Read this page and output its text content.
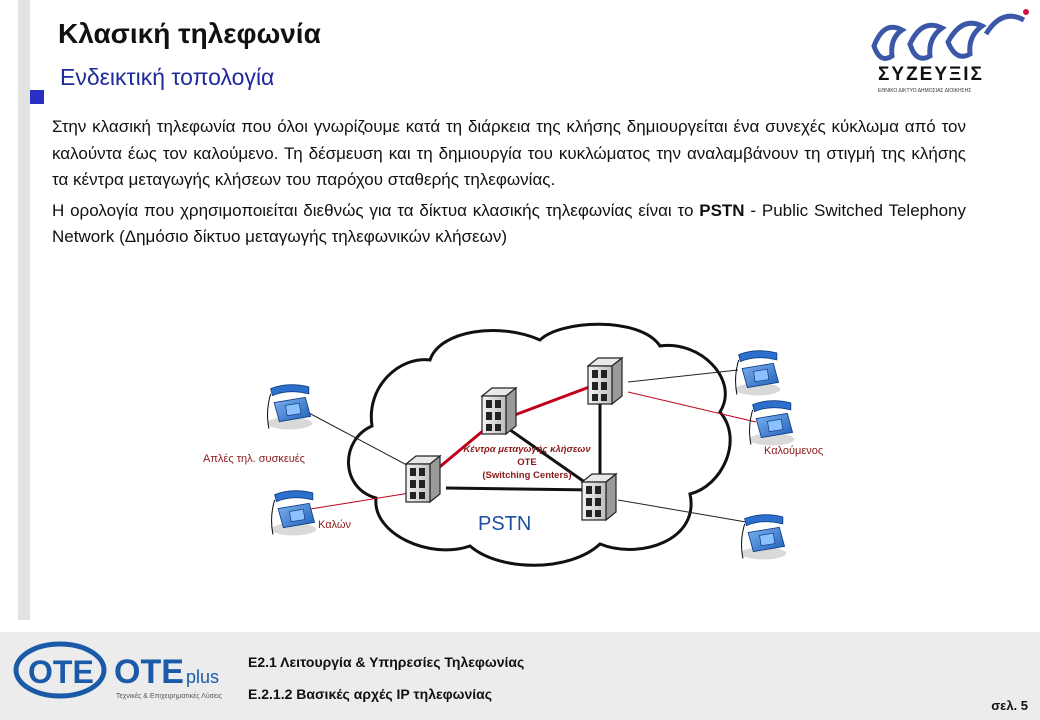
Κλασική τηλεφωνία
Ενδεικτική τοπολογία	ΣΥΖΕΥΞΙΣ
ΕΘΝΙΚΟ ΔΙΚΤΥΟ ΔΗΜΟΣΙΑΣ ΔΙΟΙΚΗΣΗΣ

Στην κλασική τηλεφωνία που όλοι γνωρίζουμε κατά τη διάρκεια της κλήσης δημιουργείται ένα συνεχές κύκλωμα από τον καλούντα έως τον καλούμενο. Τη δέσμευση και τη δημιουργία του κυκλώματος την αναλαμβάνουν τη στιγμή της κλήσης τα κέντρα μεταγωγής κλήσεων του παρόχου σταθερής τηλεφωνίας.

Η ορολογία που χρησιμοποιείται διεθνώς για τα δίκτυα κλασικής τηλεφωνίας είναι το PSTN - Public Switched Telephony Network (Δημόσιο δίκτυο μεταγωγής τηλεφωνικών κλήσεων)

Απλές τηλ. συσκευές
Καλών
Καλούμενος
Κέντρα μεταγωγής κλήσεων
ΟΤΕ
(Switching Centers)
PSTN
OTE OTE plus
Τεχνικές & Επιχειρηματικές Λύσεις
Ε2.1 Λειτουργία & Υπηρεσίες Τηλεφωνίας
Ε.2.1.2 Βασικές αρχές IP τηλεφωνίας
σελ. 5
